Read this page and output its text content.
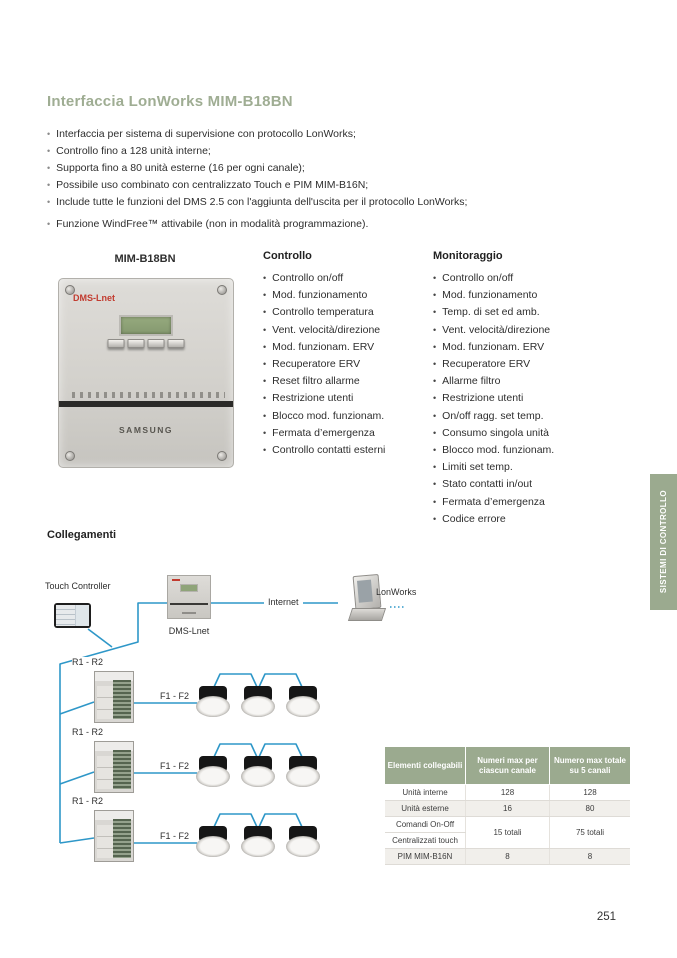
Interfaccia LonWorks MIM-B18BN
• Interfaccia per sistema di supervisione con protocollo LonWorks;
• Controllo fino a 128 unità interne;
• Supporta fino a 80 unità esterne (16 per ogni canale);
• Possibile uso combinato con centralizzato Touch e PIM MIM-B16N;
• Include tutte le funzioni del DMS 2.5 con l'aggiunta dell'uscita per il protocollo LonWorks;
• Funzione WindFree™ attivabile (non in modalità programmazione).
MIM-B18BN
DMS-Lnet
SAMSUNG
Controllo
• Controllo on/off
• Mod. funzionamento
• Controllo temperatura
• Vent. velocità/direzione
• Mod. funzionam. ERV
• Recuperatore ERV
• Reset filtro allarme
• Restrizione utenti
• Blocco mod. funzionam.
• Fermata d’emergenza
• Controllo contatti esterni
Monitoraggio
• Controllo on/off
• Mod. funzionamento
• Temp. di set ed amb.
• Vent. velocità/direzione
• Mod. funzionam. ERV
• Recuperatore ERV
• Allarme filtro
• Restrizione utenti
• On/off ragg. set temp.
• Consumo singola unità
• Blocco mod. funzionam.
• Limiti set temp.
• Stato contatti in/out
• Fermata d’emergenza
• Codice errore
Collegamenti
Touch Controller
DMS-Lnet
Internet
LonWorks
R1 - R2
R1 - R2
R1 - R2
F1 - F2
F1 - F2
F1 - F2
Elementi collegabili	Numeri max per ciascun canale	Numero max totale su 5 canali
Unità interne	128	128
Unità esterne	16	80
Comandi On-Off	15 totali	75 totali
Centralizzati touch		
PIM MIM-B16N	8	8
SISTEMI DI CONTROLLO
251
